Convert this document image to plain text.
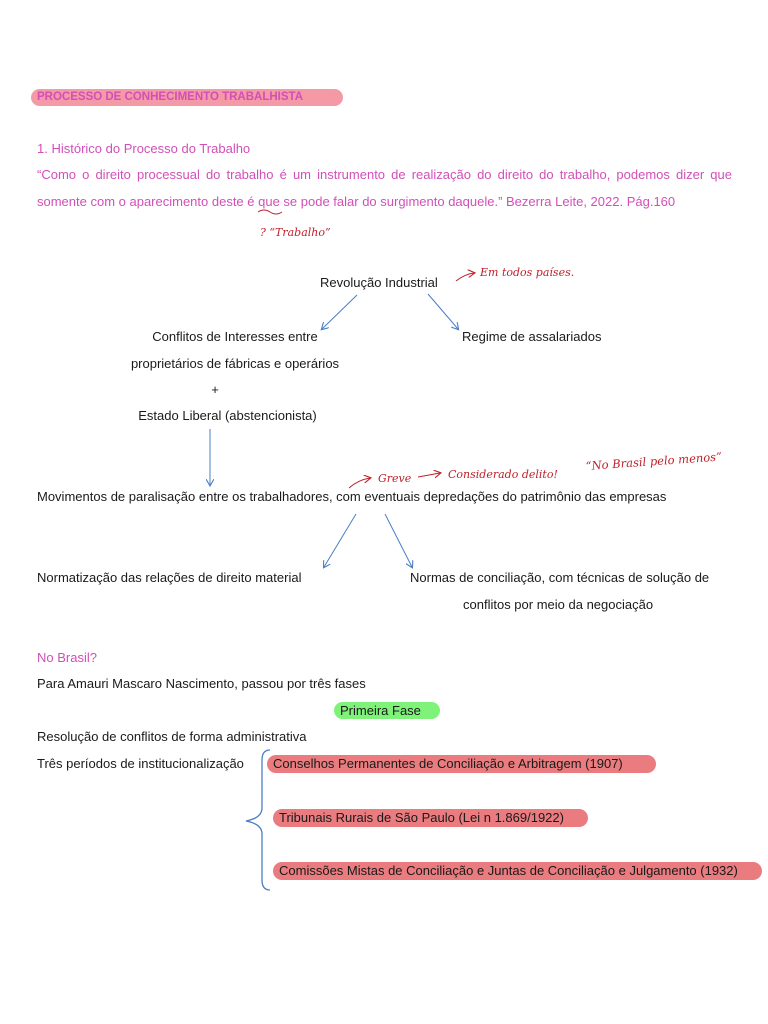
PROCESSO DE CONHECIMENTO TRABALHISTA
1. Histórico do Processo do Trabalho
“Como o direito processual do trabalho é um instrumento de realização do direito do trabalho, podemos dizer que somente com o aparecimento deste é que se pode falar do surgimento daquele.” Bezerra Leite, 2022. Pág.160
Revolução Industrial
Conflitos de Interesses entre
proprietários de fábricas e operários
+
Estado Liberal (abstencionista)
Regime de assalariados
Movimentos de paralisação entre os trabalhadores, com eventuais depredações do patrimônio das empresas
Normatização das relações de direito material	Normas de conciliação, com técnicas de solução de
conflitos por meio da negociação
No Brasil?
Para Amauri Mascaro Nascimento, passou por três fases
Primeira Fase
Resolução de conflitos de forma administrativa
Três períodos de institucionalização	Conselhos Permanentes de Conciliação e Arbitragem (1907)
Tribunais Rurais de São Paulo (Lei n 1.869/1922)
Comissões Mistas de Conciliação e Juntas de Conciliação e Julgamento (1932)
? “Trabalho”
Em todos países.
Greve	Considerado delito!
“No Brasil pelo menos”
